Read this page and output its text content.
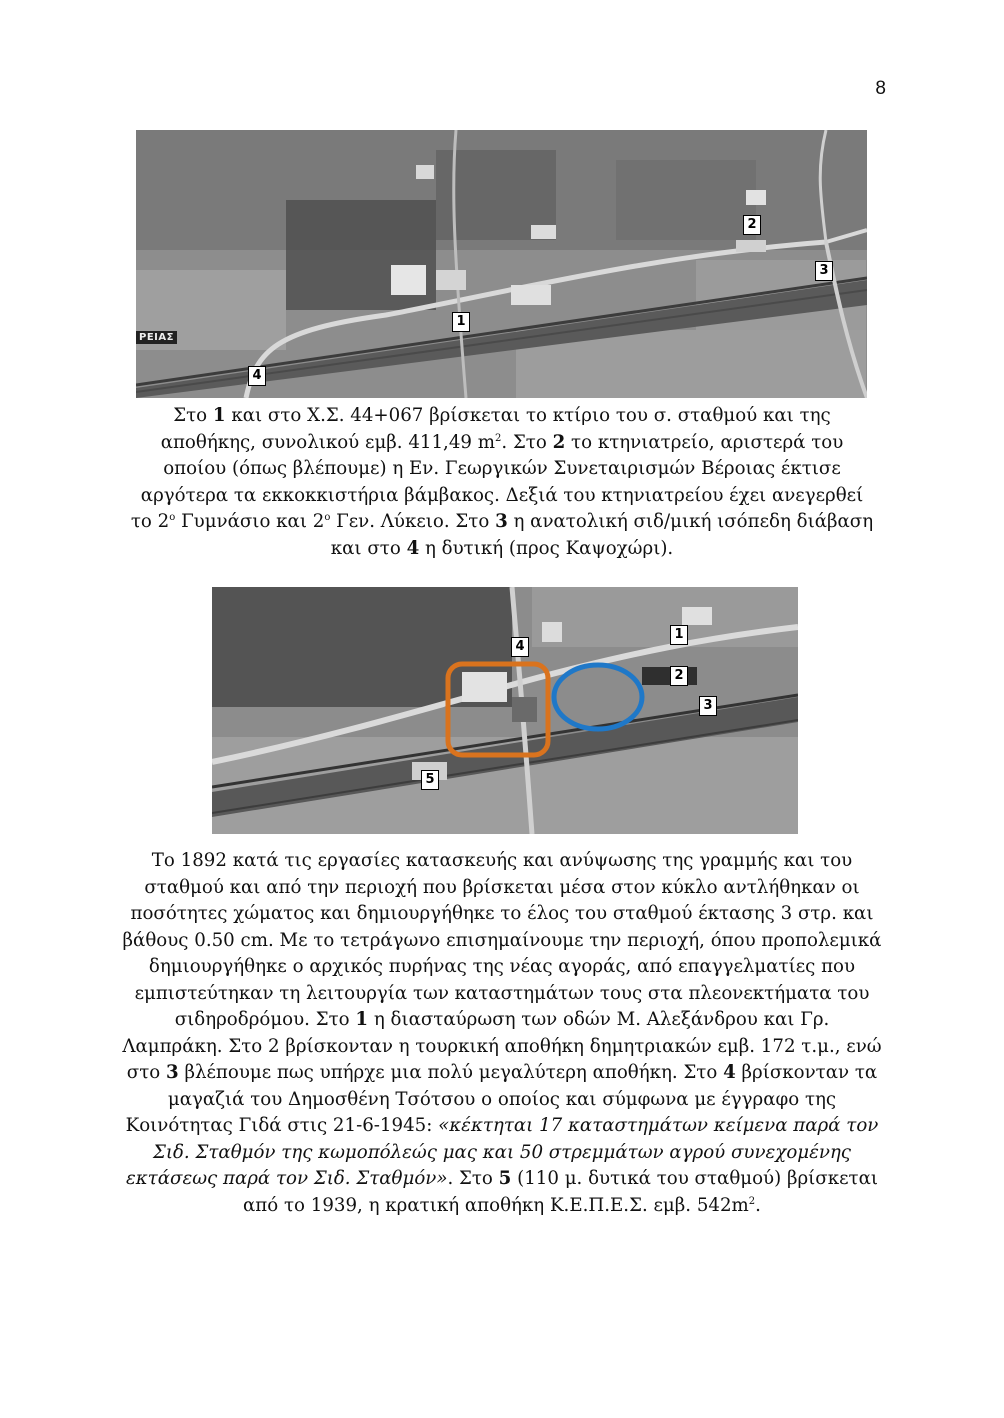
8
ΡΕΙΑΣ
1
2
3
4

Στο 1 και στο Χ.Σ. 44+067 βρίσκεται το κτίριο του σ. σταθμού και της αποθήκης, συνολικού εμβ. 411,49 $m^2$. Στο 2 το κτηνιατρείο, αριστερά του οποίου (όπως βλέπουμε) η Εν. Γεωργικών Συνεταιρισμών Βέροιας έκτισε αργότερα τα εκκοκκιστήρια βάμβακος. Δεξιά του κτηνιατρείου έχει ανεγερθεί το $2^o$ Γυμνάσιο και $2^o$ Γεν. Λύκειο. Στο 3 η ανατολική σιδ/μική ισόπεδη διάβαση και στο 4 η δυτική (προς Καψοχώρι).

1
2
3
4
5

Το 1892 κατά τις εργασίες κατασκευής και ανύψωσης της γραμμής και του σταθμού και από την περιοχή που βρίσκεται μέσα στον κύκλο αντλήθηκαν οι ποσότητες χώματος και δημιουργήθηκε το έλος του σταθμού έκτασης 3 στρ. και βάθους 0.50 cm. Με το τετράγωνο επισημαίνουμε την περιοχή, όπου προπολεμικά δημιουργήθηκε ο αρχικός πυρήνας της νέας αγοράς, από επαγγελματίες που εμπιστεύτηκαν τη λειτουργία των καταστημάτων τους στα πλεονεκτήματα του σιδηροδρόμου. Στο 1 η διασταύρωση των οδών Μ. Αλεξάνδρου και Γρ. Λαμπράκη. Στο 2 βρίσκονταν η τουρκική αποθήκη δημητριακών εμβ. 172 τ.μ., ενώ στο 3 βλέπουμε πως υπήρχε μια πολύ μεγαλύτερη αποθήκη. Στο 4 βρίσκονταν τα μαγαζιά του Δημοσθένη Τσότσου ο οποίος και σύμφωνα με έγγραφο της Κοινότητας Γιδά στις 21-6-1945: «κέκτηται 17 καταστημάτων κείμενα παρά τον Σιδ. Σταθμόν της κωμοπόλεώς μας και 50 στρεμμάτων αγρού συνεχομένης εκτάσεως παρά τον Σιδ. Σταθμόν». Στο 5 (110 μ. δυτικά του σταθμού) βρίσκεται από το 1939, η κρατική αποθήκη Κ.Ε.Π.Ε.Σ. εμβ. $542m^2$.
